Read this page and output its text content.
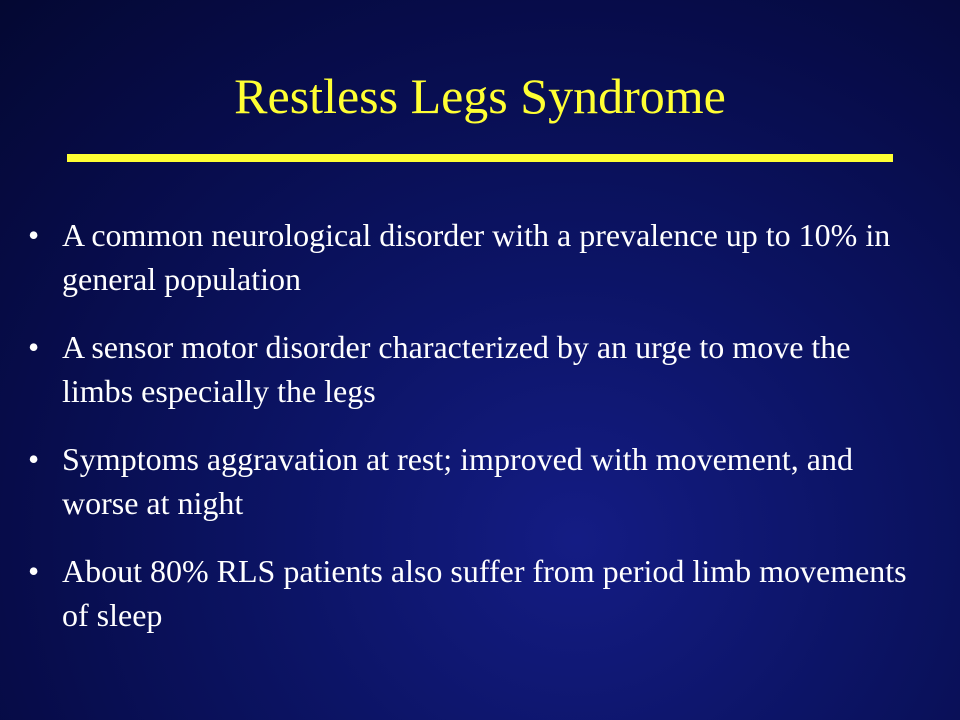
Restless Legs Syndrome
• A common neurological disorder with a prevalence up to 10% in general population
• A sensor motor disorder characterized by an urge to move the limbs especially the legs
• Symptoms aggravation at rest; improved with movement, and worse at night
• About 80% RLS patients also suffer from period limb movements of sleep
